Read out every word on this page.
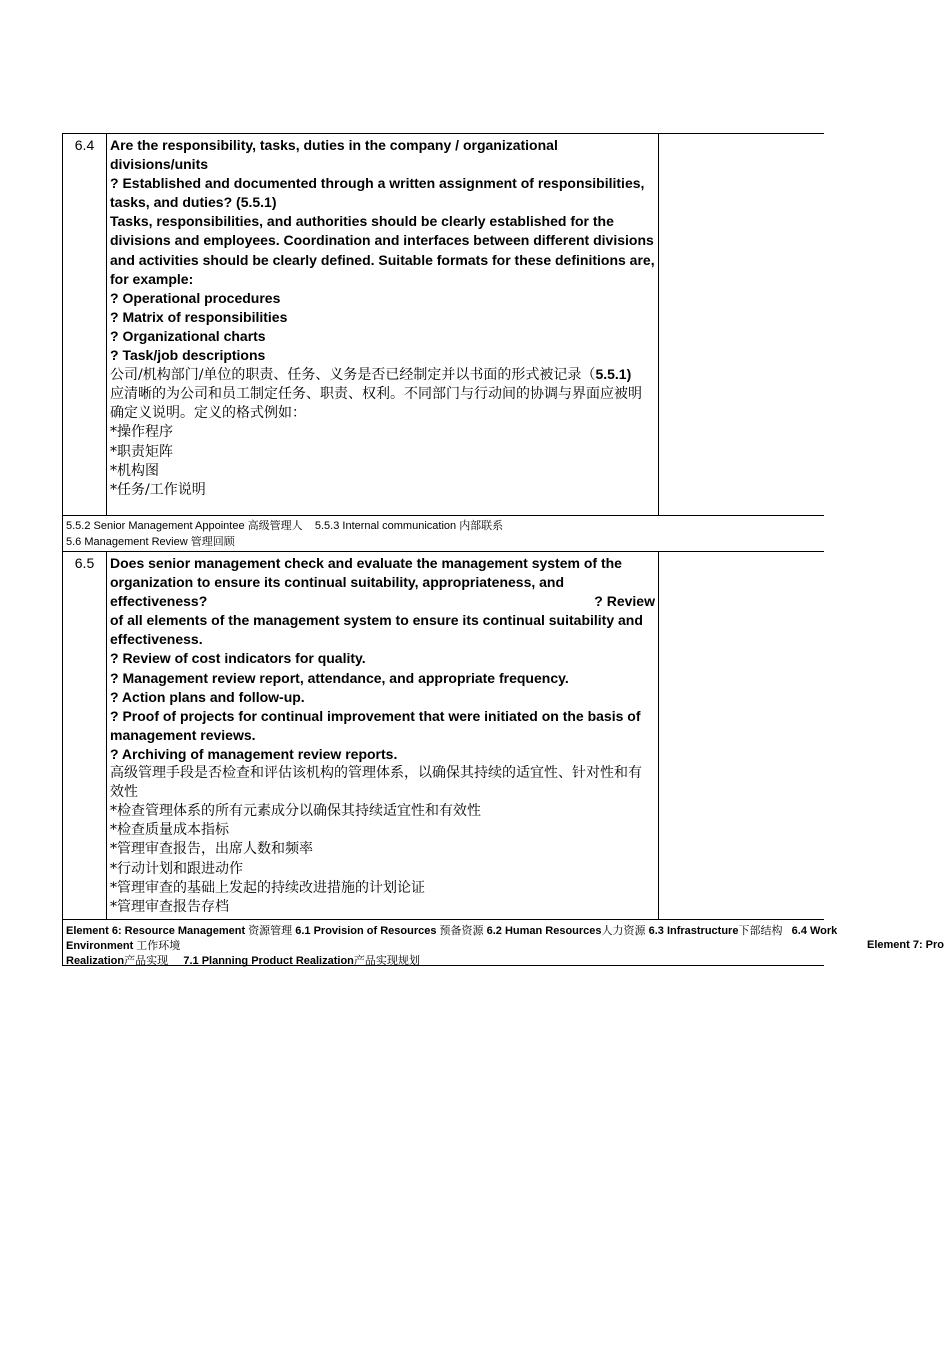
6.4	Are the responsibility, tasks, duties in the company / organizational divisions/units

? Established and documented through a written assignment of responsibilities, tasks, and duties? (5.5.1)

Tasks, responsibilities, and authorities should be clearly established for the divisions and employees. Coordination and interfaces between different divisions and activities should be clearly defined. Suitable formats for these definitions are, for example:

? Operational procedures

? Matrix of responsibilities

? Organizational charts

? Task/job descriptions

公司/机构部门/单位的职责、任务、义务是否已经制定并以书面的形式被记录（5.5.1)

应清晰的为公司和员工制定任务、职责、权利。不同部门与行动间的协调与界面应被明确定义说明。定义的格式例如：

*操作程序

*职责矩阵

*机构图

*任务/工作说明

5.5.2 Senior Management Appointee 高级管理人 5.5.3 Internal communication 内部联系
5.6 Management Review 管理回顾
6.5	Does senior management check and evaluate the management system of the organization to ensure its continual suitability, appropriateness, and

effectiveness?	? Review

of all elements of the management system to ensure its continual suitability and effectiveness.

? Review of cost indicators for quality.

? Management review report, attendance, and appropriate frequency.

? Action plans and follow-up.

? Proof of projects for continual improvement that were initiated on the basis of management reviews.

? Archiving of management review reports.

高级管理手段是否检查和评估该机构的管理体系，以确保其持续的适宜性、针对性和有效性

*检查管理体系的所有元素成分以确保其持续适宜性和有效性

*检查质量成本指标

*管理审查报告，出席人数和频率

*行动计划和跟进动作

*管理审查的基础上发起的持续改进措施的计划论证

*管理审查报告存档

Element 6: Resource Management 资源管理 6.1 Provision of Resources 预备资源 6.2 Human Resources人力资源 6.3 Infrastructure下部结构 6.4 Work
Environment 工作环境	Element 7: Pro
Realization产品实现 7.1 Planning Product Realization产品实现规划
